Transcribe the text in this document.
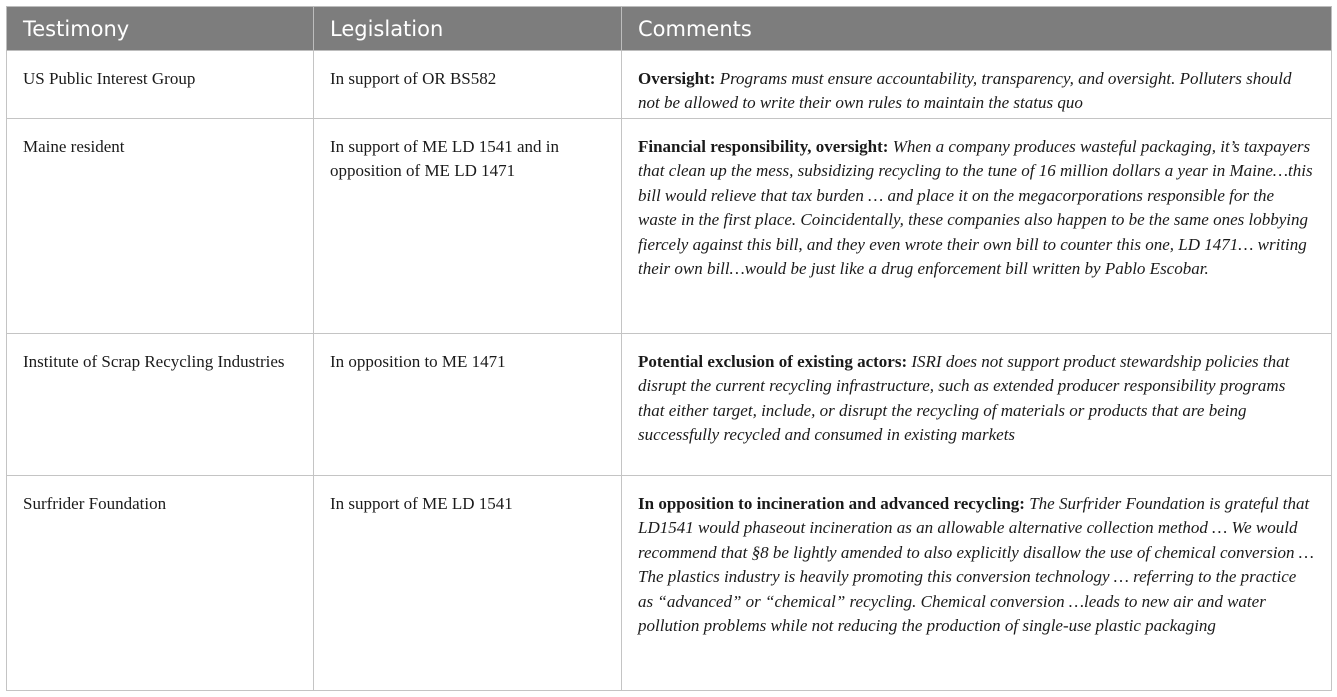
Testimony	Legislation	Comments
US Public Interest Group	In support of OR BS582	Oversight: Programs must ensure accountability, transparency, and oversight. Polluters should not be allowed to write their own rules to maintain the status quo
Maine resident	In support of ME LD 1541 and in opposition of ME LD 1471	Financial responsibility, oversight: When a company produces wasteful packaging, it’s taxpayers that clean up the mess, subsidizing recycling to the tune of 16 million dollars a year in Maine…this bill would relieve that tax burden … and place it on the megacorporations responsible for the waste in the first place. Coincidentally, these companies also happen to be the same ones lobbying fiercely against this bill, and they even wrote their own bill to counter this one, LD 1471… writing their own bill…would be just like a drug enforcement bill written by Pablo Escobar.
Institute of Scrap Recycling Industries	In opposition to ME 1471	Potential exclusion of existing actors: ISRI does not support product stewardship policies that disrupt the current recycling infrastructure, such as extended producer responsibility programs that either target, include, or disrupt the recycling of materials or products that are being successfully recycled and consumed in existing markets
Surfrider Foundation	In support of ME LD 1541	In opposition to incineration and advanced recycling: The Surfrider Foundation is grateful that LD1541 would phaseout incineration as an allowable alternative collection method … We would recommend that §8 be lightly amended to also explicitly disallow the use of chemical conversion … The plastics industry is heavily promoting this conversion technology … referring to the practice as “advanced” or “chemical” recycling. Chemical conversion …leads to new air and water pollution problems while not reducing the production of single-use plastic packaging
